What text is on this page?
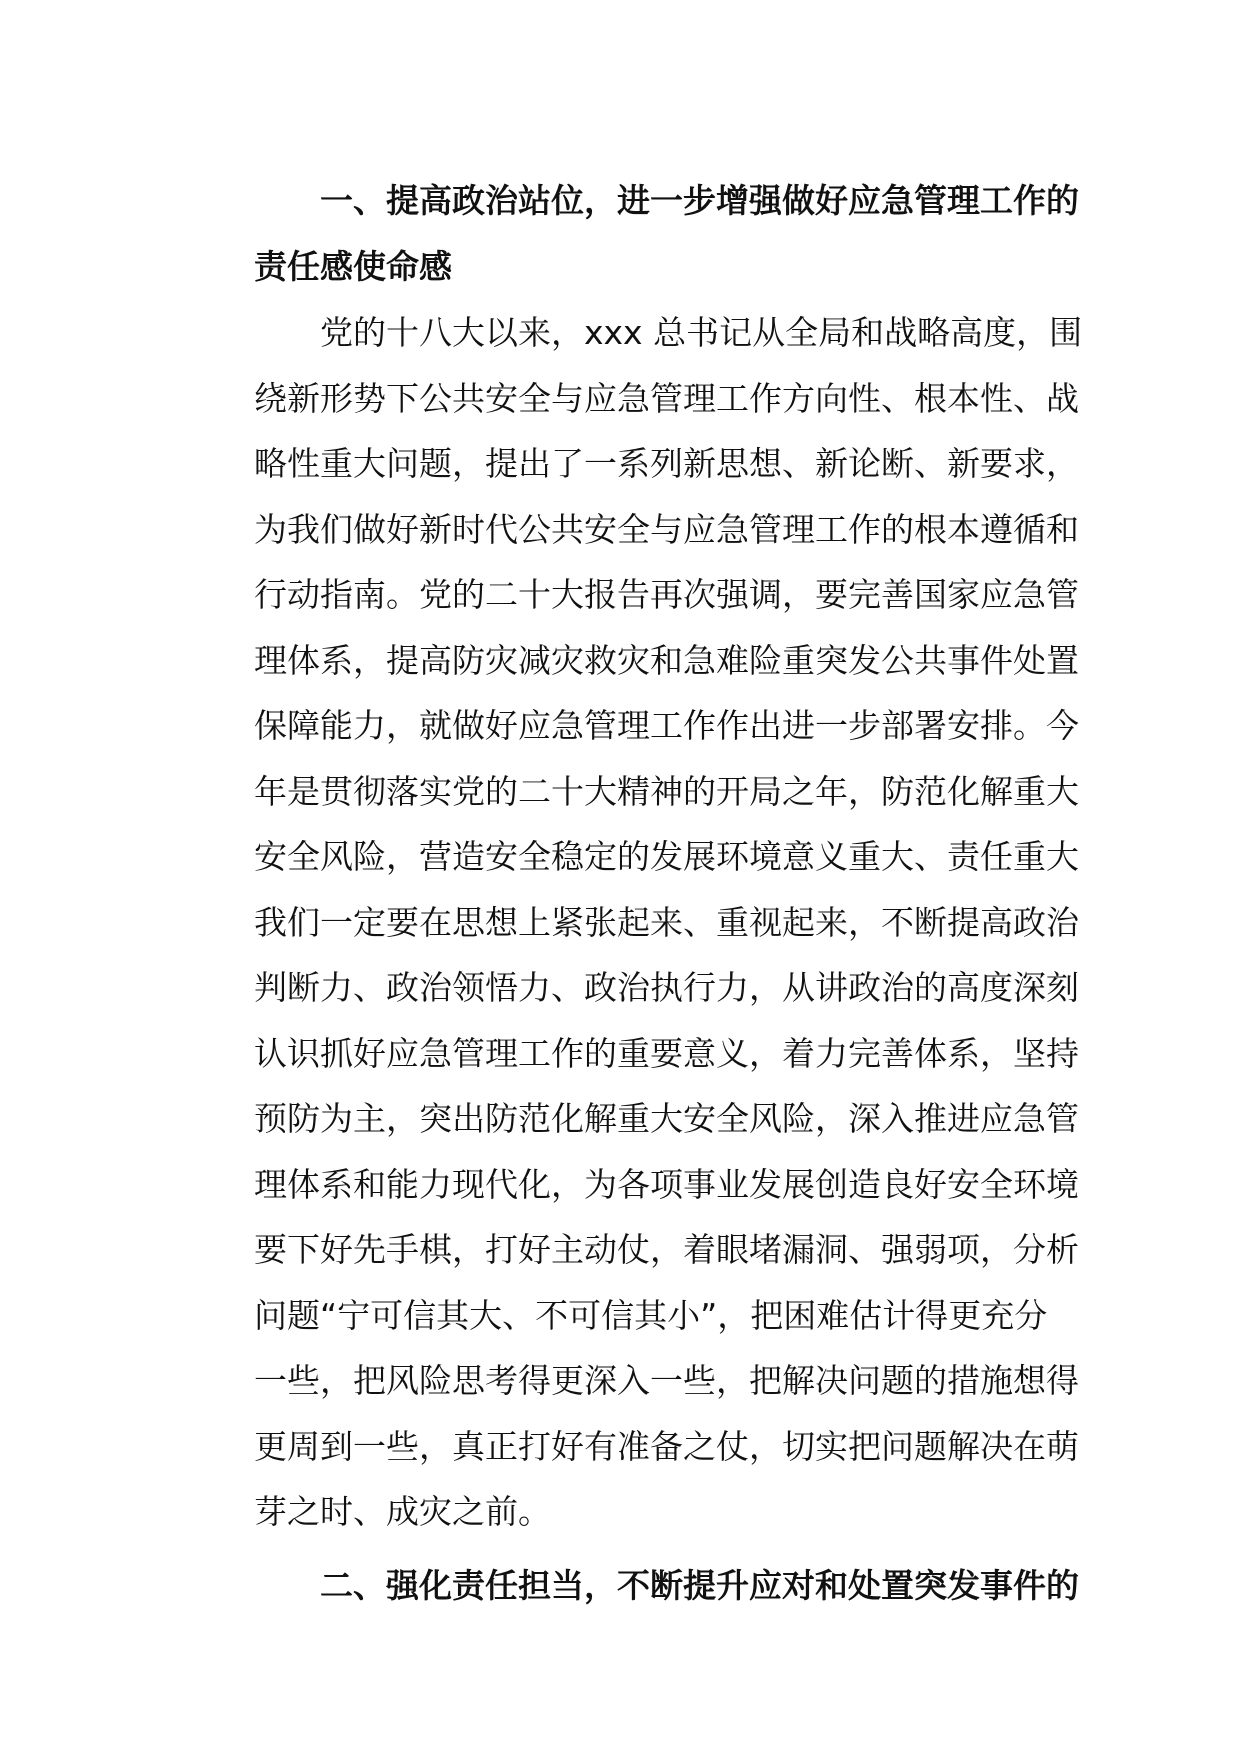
一、提高政治站位，进一步增强做好应急管理工作的
责任感使命感
党的十八大以来，xxx 总书记从全局和战略高度，围
绕新形势下公共安全与应急管理工作方向性、根本性、战
略性重大问题，提出了一系列新思想、新论断、新要求，
为我们做好新时代公共安全与应急管理工作的根本遵循和
行动指南。党的二十大报告再次强调，要完善国家应急管
理体系，提高防灾减灾救灾和急难险重突发公共事件处置
保障能力，就做好应急管理工作作出进一步部署安排。今
年是贯彻落实党的二十大精神的开局之年，防范化解重大
安全风险，营造安全稳定的发展环境意义重大、责任重大
我们一定要在思想上紧张起来、重视起来，不断提高政治
判断力、政治领悟力、政治执行力，从讲政治的高度深刻
认识抓好应急管理工作的重要意义，着力完善体系，坚持
预防为主，突出防范化解重大安全风险，深入推进应急管
理体系和能力现代化，为各项事业发展创造良好安全环境
要下好先手棋，打好主动仗，着眼堵漏洞、强弱项，分析
问题“宁可信其大、不可信其小”，把困难估计得更充分
一些，把风险思考得更深入一些，把解决问题的措施想得
更周到一些，真正打好有准备之仗，切实把问题解决在萌
芽之时、成灾之前。
二、强化责任担当，不断提升应对和处置突发事件的
